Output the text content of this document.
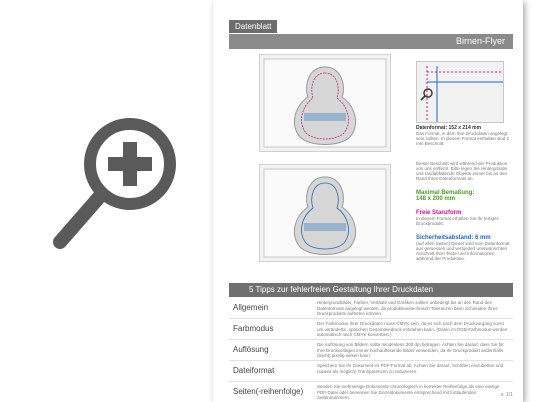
Datenblatt
Birnen-Flyer
Datenformat: 152 x 214 mm
Das Format, in dem Ihre Druckdaten angelegt sein sollten. In diesem Format enthalten sind 2 mm Beschnitt.
Dieser Beschnitt wird während der Produktion von uns entfernt. Bitte legen Sie Hintergründe und randabfallende Objekte immer bis an den Rand Ihres Datenformats an.
Maximal Bemaßung:
148 x 200 mm
Freie Stanzform
In diesem Format erhalten Sie Ihr fertiges Druckprodukt.
Sicherheitsabstand: 6 mm
(auf allen Seiten) Dieser wird vom Datenformat aus gemessen und verhindert unerwünschten Anschnitt Ihrer Texte und Informationen während der Produktion.
5 Tipps zur fehlerfreien Gestaltung Ihrer Druckdaten
Allgemein
Hintergrundbilder, Farben, Verläufe und Grafiken sollten unbedingt bis an den Rand des Datenformats angelegt werden, da produktionstechnisch Toleranzen beim Schneiden Ihres Druckprodukts auftreten können.
Farbmodus
Der Farbmodus Ihrer Druckdaten muss CMYK sein, da es sich nach dem Druckvorgang sonst um veränderte, optischen Gesamteindruck entstehen kann. (Daten im RGB-Farbmodus werden automatisch nach CMYK konvertiert.)
Auflösung
Die Auflösung von Bildern sollte mindestens 300 dpi betragen. Achten Sie darauf, dass Sie für Ihre Druckvorlagen immer hochauflösende Bilder verwenden, da Ihr Druckprodukt andernfalls (leicht) pixelig wirken kann.
Dateiformat
Speichern Sie Ihr Dokument im PDF-Format ab. Achten Sie darauf, Schriften einzubetten und (soweit als möglich) Transparenzen zu reduzieren.
Seiten(-reihenfolge)
Senden Sie mehrseitige Dokumente chronologisch in korrekter Reihenfolge als eine einzige PDF-Datei oder benennen Sie Einzeldokumente entsprechend mit fortlaufenden Seitennummern.	s. 1/1
